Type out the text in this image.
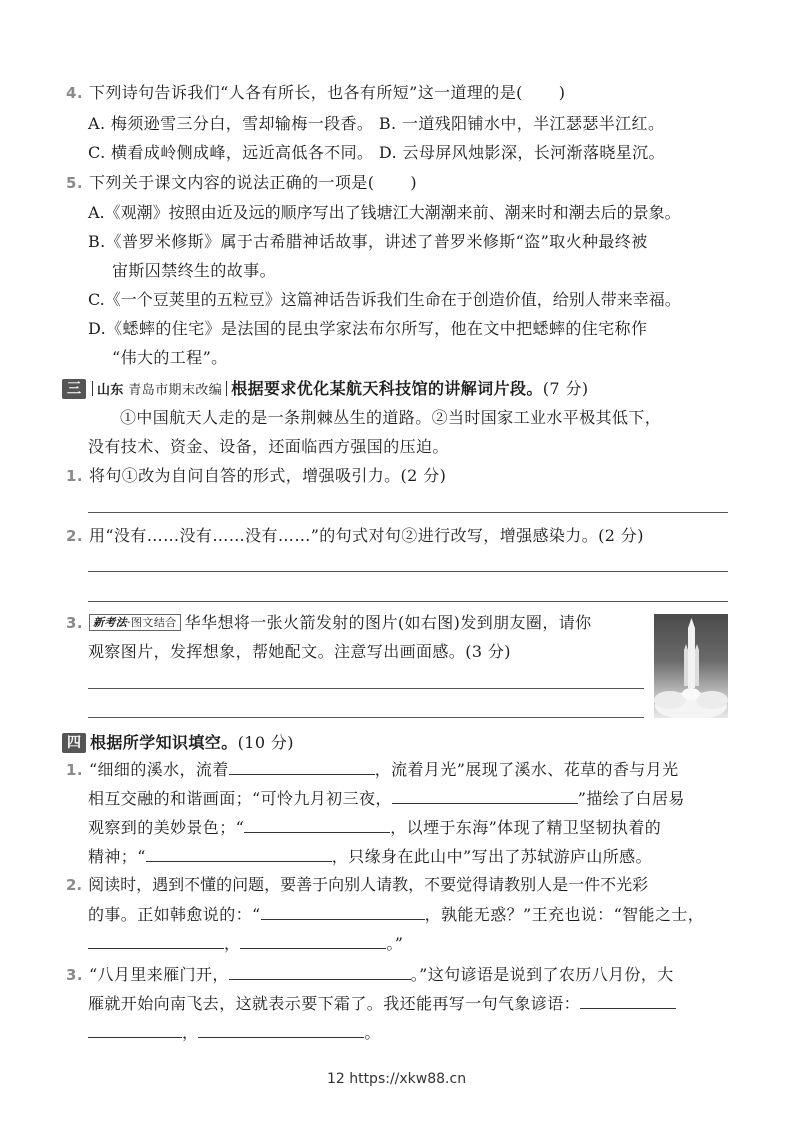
4. 下列诗句告诉我们“人各有所长，也各有所短”这一道理的是( )
A. 梅须逊雪三分白，雪却输梅一段香。 B. 一道残阳铺水中，半江瑟瑟半江红。
C. 横看成岭侧成峰，远近高低各不同。 D. 云母屏风烛影深，长河渐落晓星沉。
5. 下列关于课文内容的说法正确的一项是( )
A.《观潮》按照由近及远的顺序写出了钱塘江大潮潮来前、潮来时和潮去后的景象。
B.《普罗米修斯》属于古希腊神话故事，讲述了普罗米修斯“盗”取火种最终被
宙斯囚禁终生的故事。
C.《一个豆荚里的五粒豆》这篇神话告诉我们生命在于创造价值，给别人带来幸福。
D.《蟋蟀的住宅》是法国的昆虫学家法布尔所写，他在文中把蟋蟀的住宅称作
“伟大的工程”。
三	山东 青岛市期末改编 根据要求优化某航天科技馆的讲解词片段。(7 分)
①中国航天人走的是一条荆棘丛生的道路。②当时国家工业水平极其低下，
没有技术、资金、设备，还面临西方强国的压迫。
1. 将句①改为自问自答的形式，增强吸引力。(2 分)
2. 用“没有……没有……没有……”的句式对句②进行改写，增强感染力。(2 分)
3. 新考法·图文结合 华华想将一张火箭发射的图片(如右图)发到朋友圈，请你
观察图片，发挥想象，帮她配文。注意写出画面感。(3 分)
四 根据所学知识填空。(10 分)
1. “细细的溪水，流着	，流着月光”展现了溪水、花草的香与月光
相互交融的和谐画面；“可怜九月初三夜，	”描绘了白居易
观察到的美妙景色；“	，以堙于东海”体现了精卫坚韧执着的
精神；“	，只缘身在此山中”写出了苏轼游庐山所感。
2. 阅读时，遇到不懂的问题，要善于向别人请教，不要觉得请教别人是一件不光彩
的事。正如韩愈说的：“	，孰能无惑？”王充也说：“智能之士，
，	。”
3. “八月里来雁门开，	。”这句谚语是说到了农历八月份，大
雁就开始向南飞去，这就表示要下霜了。我还能再写一句气象谚语：
，	。
12 https://xkw88.cn
